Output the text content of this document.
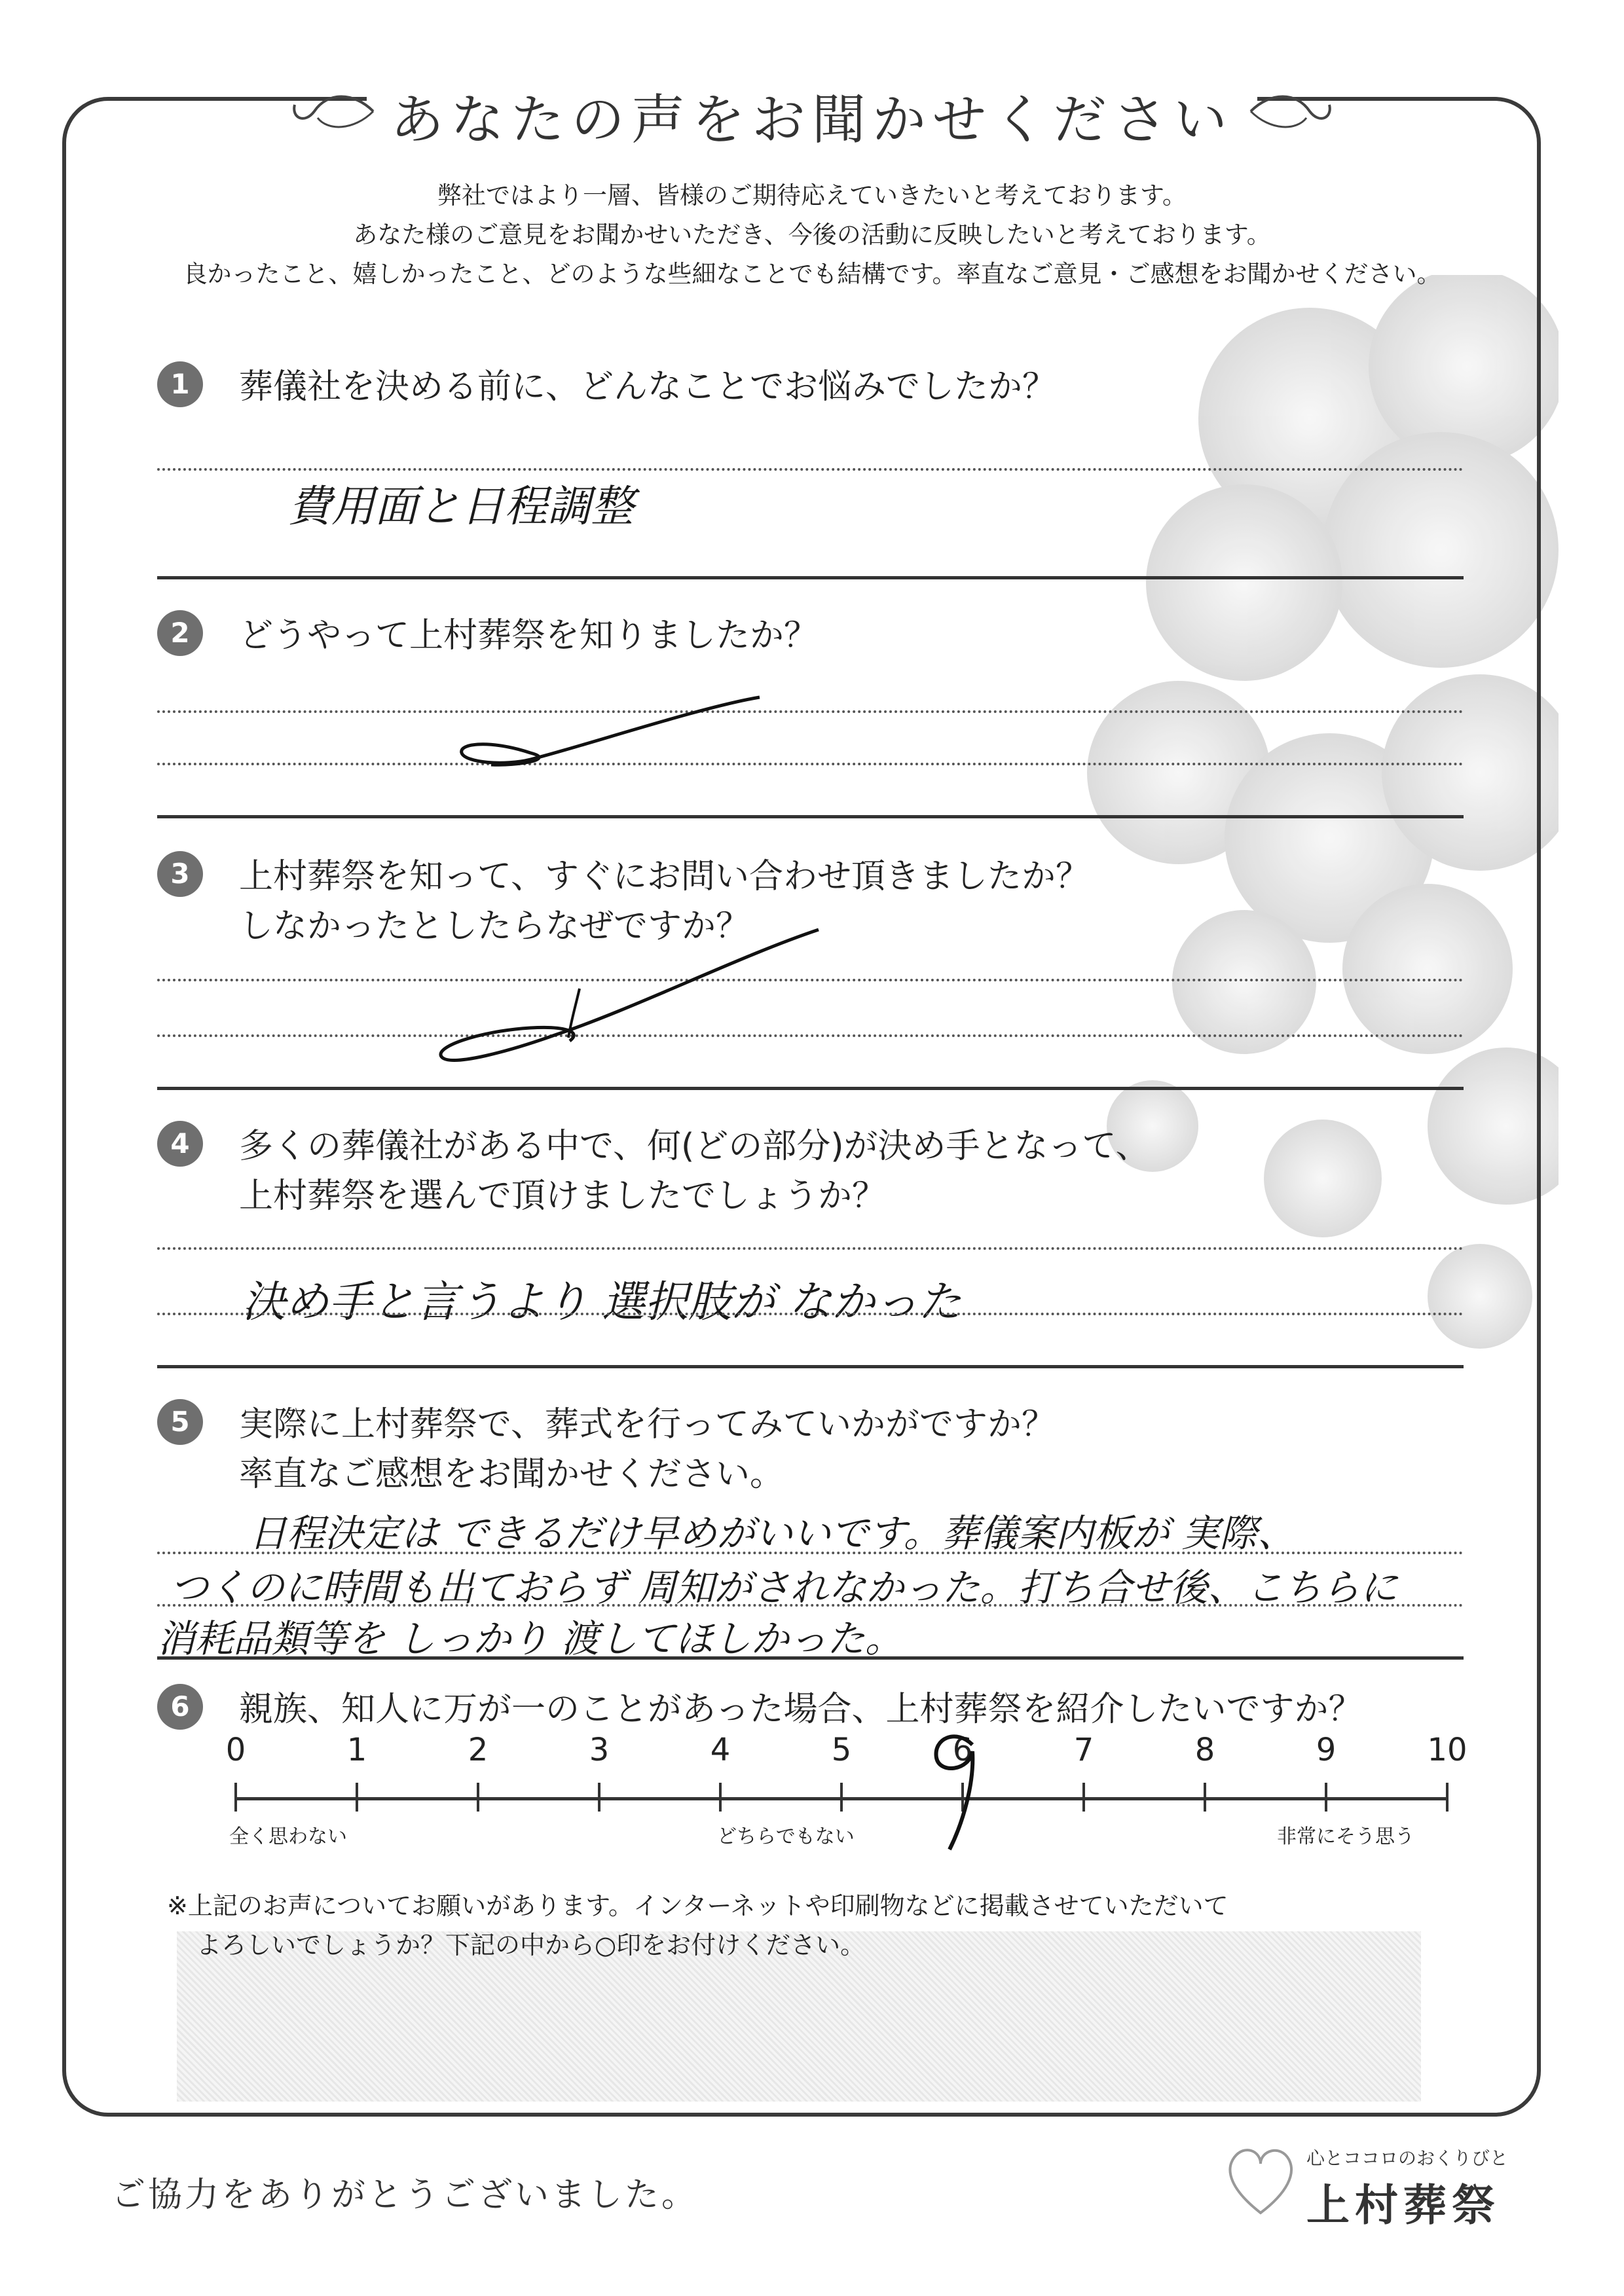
あなたの声をお聞かせください
弊社ではより一層、皆様のご期待応えていきたいと考えております。
あなた様のご意見をお聞かせいただき、今後の活動に反映したいと考えております。
良かったこと、嬉しかったこと、どのような些細なことでも結構です。率直なご意見・ご感想をお聞かせください。
1	葬儀社を決める前に、どんなことでお悩みでしたか？
費用面と日程調整
2	どうやって上村葬祭を知りましたか？
3	上村葬祭を知って、すぐにお問い合わせ頂きましたか？
しなかったとしたらなぜですか？
4	多くの葬儀社がある中で、何(どの部分)が決め手となって、
上村葬祭を選んで頂けましたでしょうか？
決め手と言うより 選択肢が なかった
5	実際に上村葬祭で、葬式を行ってみていかがですか？
率直なご感想をお聞かせください。
日程決定は できるだけ早めがいいです。葬儀案内板が 実際、
つくのに時間も出ておらず 周知がされなかった。打ち合せ後、こちらに
消耗品類等を しっかり 渡してほしかった。
6	親族、知人に万が一のことがあった場合、上村葬祭を紹介したいですか？
0	1	2	3	4	5	6	7	8	9	10
全く思わない	どちらでもない	非常にそう思う
※上記のお声についてお願いがあります。インターネットや印刷物などに掲載させていただいて
よろしいでしょうか？下記の中から○印をお付けください。
ご協力をありがとうございました。
心とココロのおくりびと
上村葬祭
